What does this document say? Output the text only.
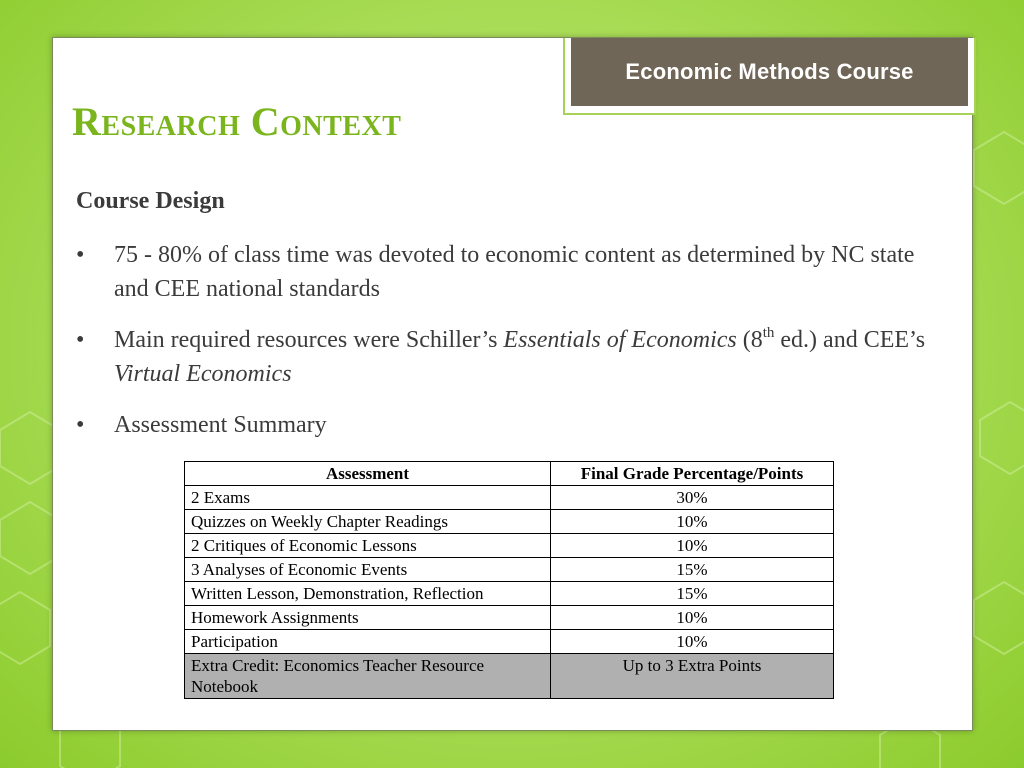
Economic Methods Course
Research Context
Course Design
•	75 - 80% of class time was devoted to economic content as determined by NC state and CEE national standards
•	Main required resources were Schiller’s Essentials of Economics (8th ed.) and CEE’s Virtual Economics
•	Assessment Summary
Assessment	Final Grade Percentage/Points
2 Exams	30%
Quizzes on Weekly Chapter Readings	10%
2 Critiques of Economic Lessons	10%
3 Analyses of Economic Events	15%
Written Lesson, Demonstration, Reflection	15%
Homework Assignments	10%
Participation	10%
Extra Credit: Economics Teacher Resource Notebook	Up to 3 Extra Points
